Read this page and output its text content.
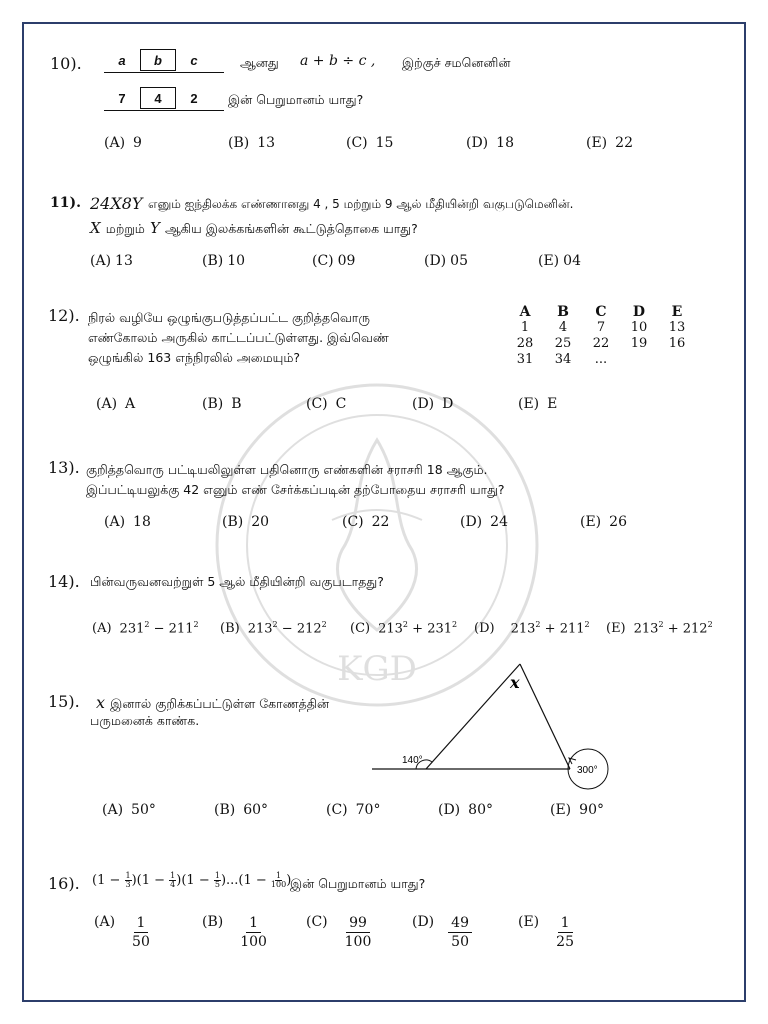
KGD
10).	a	b	c	ஆனது a + b ÷ c , இற்குச் சமனெனின்
7	4	2	இன் பெறுமானம் யாது?
(A) 9	(B) 13	(C) 15	(D) 18	(E) 22
11). 24X8Y எனும் ஐந்திலக்க எண்ணானது 4 , 5 மற்றும் 9 ஆல் மீதியின்றி வகுபடுமெனின்.
X மற்றும் Y ஆகிய இலக்கங்களின் கூட்டுத்தொகை யாது?
(A) 13	(B) 10	(C) 09	(D) 05	(E) 04
12). நிரல் வழியே ஒழுங்குபடுத்தப்பட்ட குறித்தவொரு
எண்கோலம் அருகில் காட்டப்பட்டுள்ளது. இவ்வெண்
ஒழுங்கில் 163 எந்நிரலில் அமையும்?
A	B	C	D	E
1	4	7	10	13
28	25	22	19	16
31	34	...		
(A) A	(B) B	(C) C	(D) D	(E) E
13). குறித்தவொரு பட்டியலிலுள்ள பதினொரு எண்களின் சராசரி 18 ஆகும்.
இப்பட்டியலுக்கு 42 எனும் எண் சேர்க்கப்படின் தற்போதைய சராசரி யாது?
(A) 18	(B) 20	(C) 22	(D) 24	(E) 26
14). பின்வருவனவற்றுள் 5 ஆல் மீதியின்றி வகுபடாதது?
(A) $231^2 - 211^2$ (B) $213^2 - 212^2$ (C) $213^2 + 231^2$ (D) $213^2 + 211^2$ (E) $213^2 + 212^2$
15). x இனால் குறிக்கப்பட்டுள்ள கோணத்தின்
பருமனைக் காண்க.
140°
300°
x
(A) 50°	(B) 60°	(C) 70°	(D) 80°	(E) 90°
16). $(1 - \frac{1}{3} )(1 - \frac{1}{4} )(1 - \frac{1}{5} )...(1 - \frac{1}{100}$ )
இன் பெறுமானம் யாது?
$(A) \frac{1}{50}$	$(B) \frac{1}{100}$	$(C) \frac{99}{100}$	$(D) \frac{49}{50}$	$(E) \frac{1}{25}$
